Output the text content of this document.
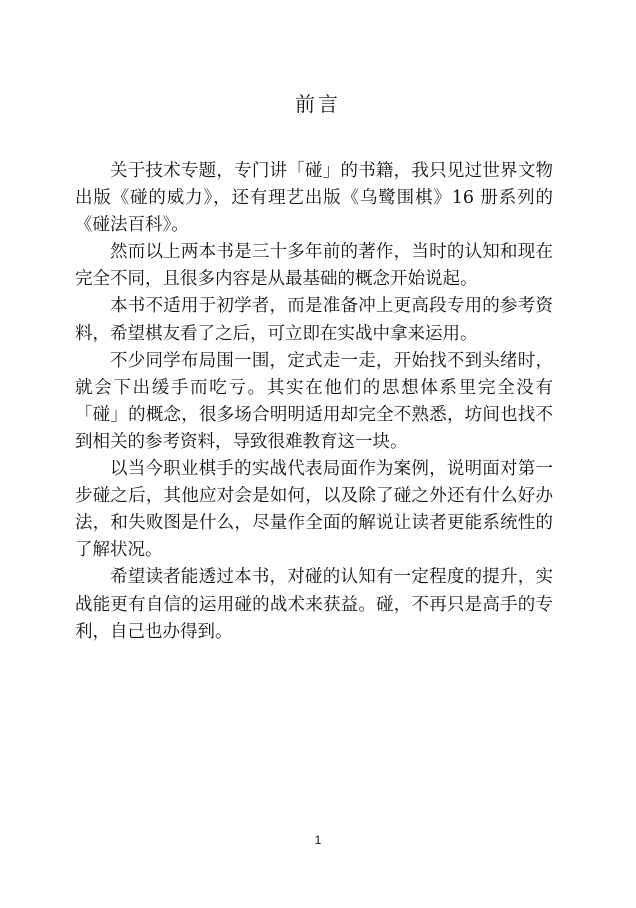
前言

关于技术专题，专门讲「碰」的书籍，我只见过世界文物出版《碰的威力》，还有理艺出版《乌鹭围棋》16 册系列的《碰法百科》。

然而以上两本书是三十多年前的著作，当时的认知和现在完全不同，且很多内容是从最基础的概念开始说起。

本书不适用于初学者，而是准备冲上更高段专用的参考资料，希望棋友看了之后，可立即在实战中拿来运用。

不少同学布局围一围，定式走一走，开始找不到头绪时，就会下出缓手而吃亏。其实在他们的思想体系里完全没有「碰」的概念，很多场合明明适用却完全不熟悉，坊间也找不到相关的参考资料，导致很难教育这一块。

以当今职业棋手的实战代表局面作为案例，说明面对第一步碰之后，其他应对会是如何，以及除了碰之外还有什么好办法，和失败图是什么，尽量作全面的解说让读者更能系统性的了解状况。

希望读者能透过本书，对碰的认知有一定程度的提升，实战能更有自信的运用碰的战术来获益。碰，不再只是高手的专利，自己也办得到。

1
